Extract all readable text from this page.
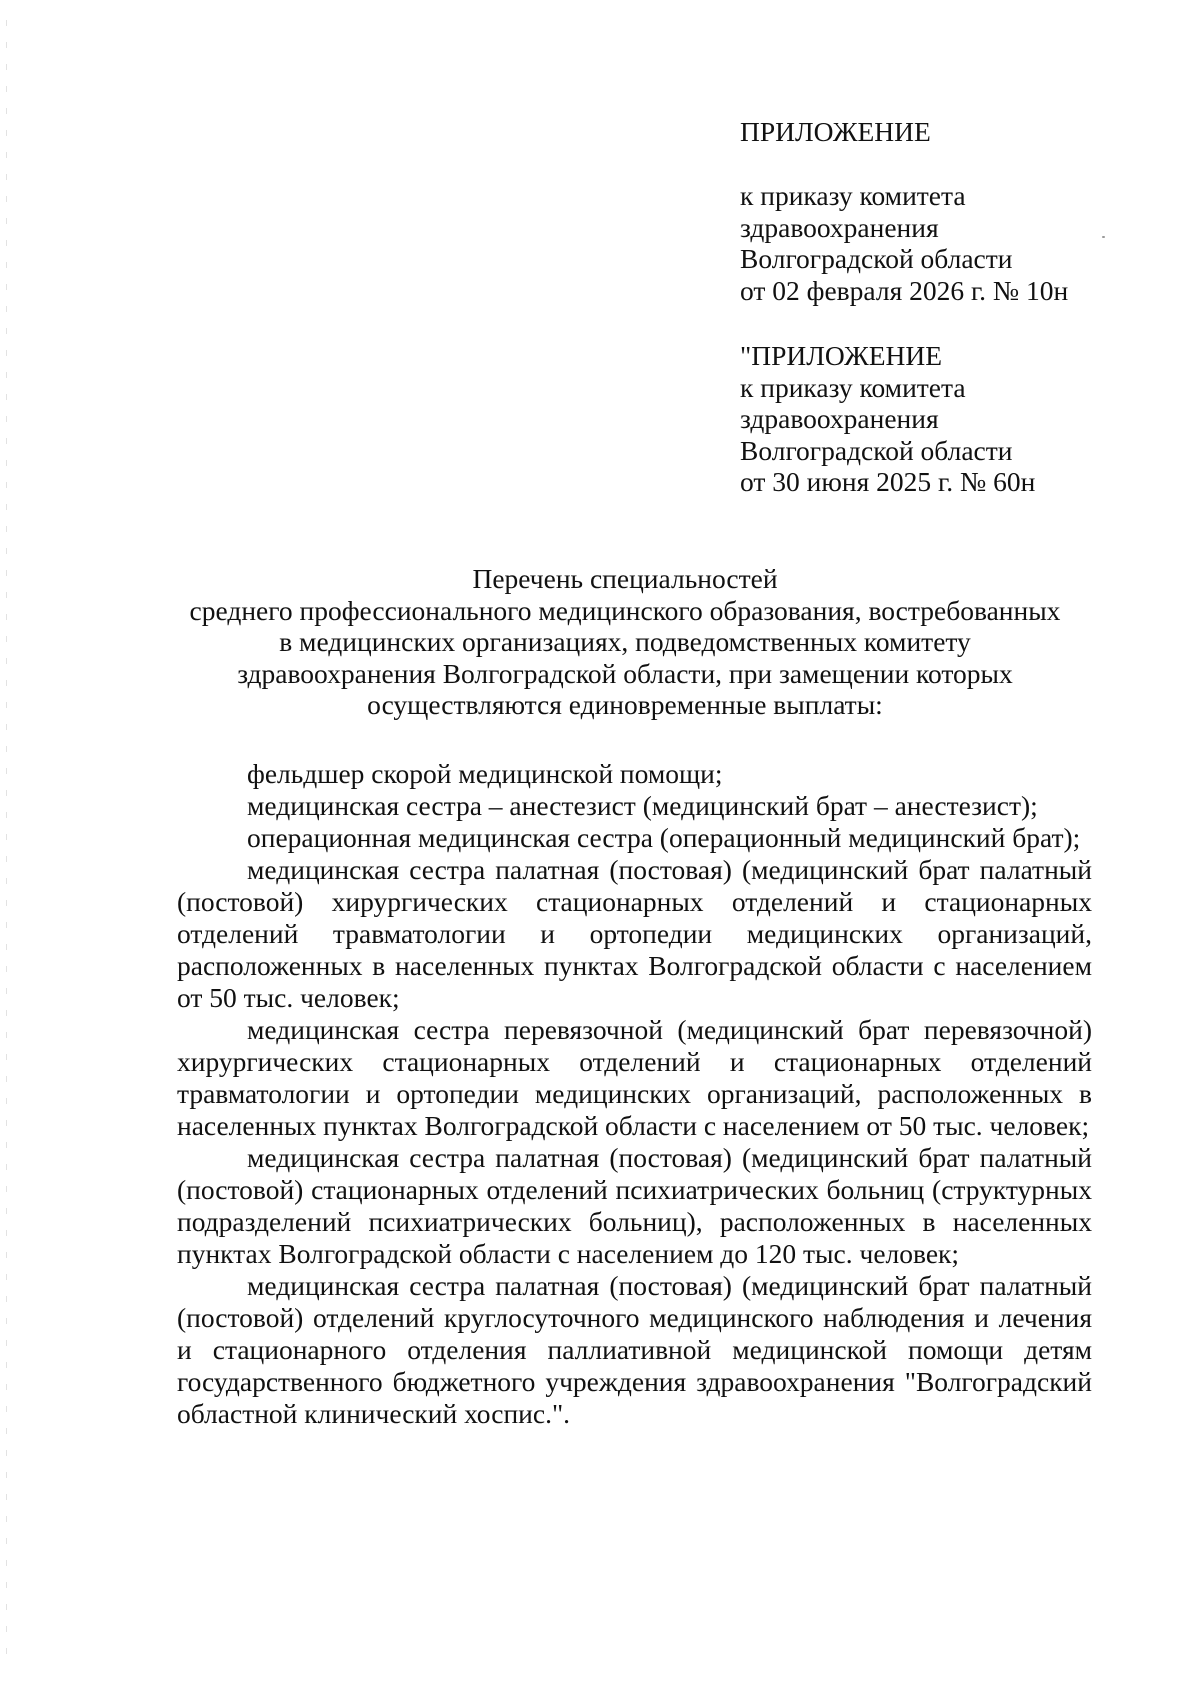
ПРИЛОЖЕНИЕ
к приказу комитета
здравоохранения
Волгоградской области
от 02 февраля 2026 г. № 10н
"ПРИЛОЖЕНИЕ
к приказу комитета
здравоохранения
Волгоградской области
от 30 июня 2025 г. № 60н
Перечень специальностей
среднего профессионального медицинского образования, востребованных
в медицинских организациях, подведомственных комитету
здравоохранения Волгоградской области, при замещении которых
осуществляются единовременные выплаты:

фельдшер скорой медицинской помощи;

медицинская сестра – анестезист (медицинский брат – анестезист);

операционная медицинская сестра (операционный медицинский брат);

медицинская сестра палатная (постовая) (медицинский брат палатный (постовой) хирургических стационарных отделений и стационарных отделений травматологии и ортопедии медицинских организаций, расположенных в населенных пунктах Волгоградской области с населением от 50 тыс. человек;

медицинская сестра перевязочной (медицинский брат перевязочной) хирургических стационарных отделений и стационарных отделений травматологии и ортопедии медицинских организаций, расположенных в населенных пунктах Волгоградской области с населением от 50 тыс. человек;

медицинская сестра палатная (постовая) (медицинский брат палатный (постовой) стационарных отделений психиатрических больниц (структурных подразделений психиатрических больниц), расположенных в населенных пунктах Волгоградской области с населением до 120 тыс. человек;

медицинская сестра палатная (постовая) (медицинский брат палатный (постовой) отделений круглосуточного медицинского наблюдения и лечения и стационарного отделения паллиативной медицинской помощи детям государственного бюджетного учреждения здравоохранения "Волгоградский областной клинический хоспис.".
